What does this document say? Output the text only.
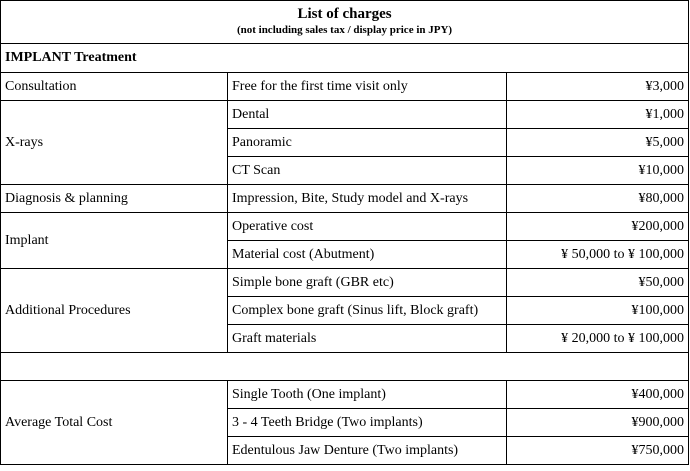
List of charges
(not including sales tax / display price in JPY)		

IMPLANT Treatment		
Consultation	Free for the first time visit only	¥3,000
X-rays	Dental	¥1,000
	Panoramic	¥5,000
	CT Scan	¥10,000
Diagnosis & planning	Impression, Bite, Study model and X-rays	¥80,000
Implant	Operative cost	¥200,000
	Material cost (Abutment)	¥ 50,000 to ¥ 100,000
Additional Procedures	Simple bone graft (GBR etc)	¥50,000
	Complex bone graft (Sinus lift, Block graft)	¥100,000
	Graft materials	¥ 20,000 to ¥ 100,000

Average Total Cost	Single Tooth (One implant)	¥400,000
	3 - 4 Teeth Bridge (Two implants)	¥900,000
	Edentulous Jaw Denture (Two implants)	¥750,000
